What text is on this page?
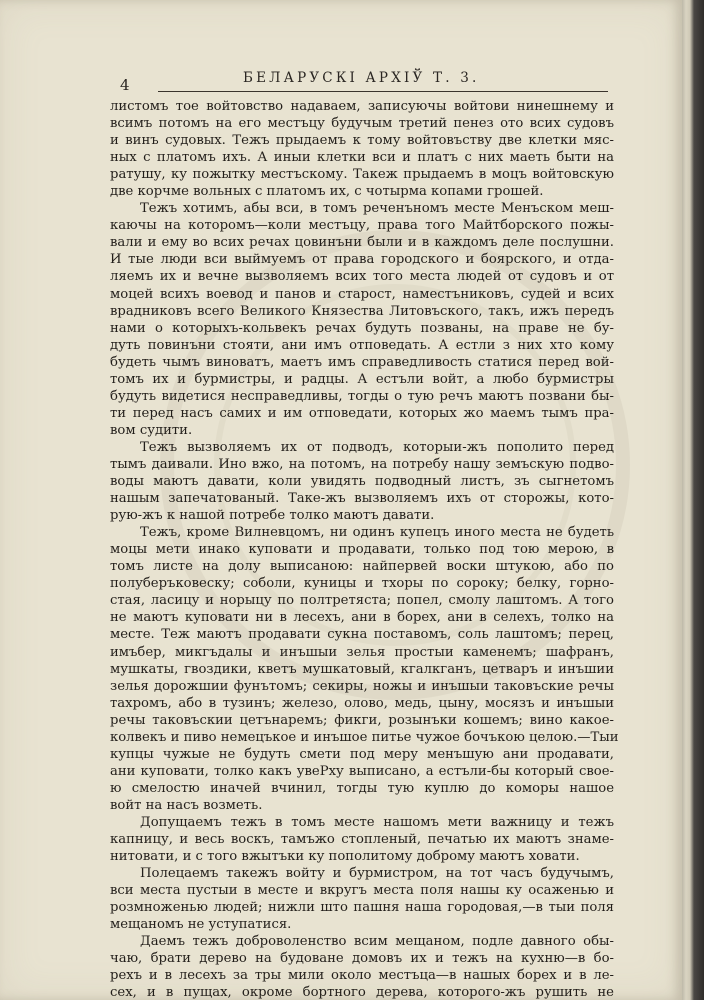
4	БЕЛАРУСКІ АРХІЎ Т. 3.
листомъ тое войтовство надаваем, записуючы войтови нинешнему и
всимъ потомъ на его местъцу будучым третий пенез ото всих судовъ
и винъ судовых. Тежъ прыдаемъ к тому войтовъству две клетки мяс-
ных с платомъ ихъ. А иныи клетки вси и платъ с них маеть быти на
ратушу, ку пожытку местъскому. Такеж прыдаемъ в моцъ войтовскую
две корчме вольных с платомъ их, с чотырма копами грошей.
Тежъ хотимъ, абы вси, в томъ реченъномъ месте Менъском меш-
каючы на которомъ—коли местъцу, права того Майтборского пожы-
вали и ему во всих речах цовинъни были и в каждомъ деле послушни.
И тые люди вси выймуемъ от права городского и боярского, и отда-
ляемъ их и вечне вызволяемъ всих того места людей от судовъ и от
моцей всихъ воевод и панов и старост, наместъниковъ, судей и всих
врадниковъ всего Великого Князества Литовъского, такъ, ижъ передъ
нами о которыхъ-кольвекъ речах будуть позваны, на праве не бу-
дуть повинъни стояти, ани имъ отповедать. А естли з них хто кому
будеть чымъ виноватъ, маетъ имъ справедливость статися перед вой-
томъ их и бурмистры, и радцы. А естъли войт, а любо бурмистры
будуть видетися несправедливы, тогды о тую речъ маютъ позвани бы-
ти перед насъ самих и им отповедати, которых жо маемъ тымъ пра-
вом судити.
Тежъ вызволяемъ их от подводъ, которыи-жъ пополито перед
тымъ даивали. Ино вжо, на потомъ, на потребу нашу земъскую подво-
воды маютъ давати, коли увидять подводный листъ, зъ сыгнетомъ
нашым запечатованый. Таке-жъ вызволяемъ ихъ от сторожы, кото-
рую-жъ к нашой потребе толко маютъ давати.
Тежъ, кроме Вилневцомъ, ни одинъ купецъ иного места не будеть
моцы мети инако куповати и продавати, только под тою мерою, в
томъ листе на долу выписаною: найпервей воски штукою, або по
полуберъковеску; соболи, куницы и тхоры по сороку; белку, горно-
стая, ласицу и норыцу по полтретяста; попел, смолу лаштомъ. А того
не маютъ куповати ни в лесехъ, ани в борех, ани в селехъ, толко на
месте. Теж маютъ продавати сукна поставомъ, соль лаштомъ; перец,
имъбер, микгъдалы и инъшыи зелья простыи каменемъ; шафранъ,
мушкаты, гвоздики, кветъ мушкатовый, кгалкганъ, цетваръ и инъшии
зелья дорожшии фунътомъ; секиры, ножы и инъшыи таковъские речы
тахромъ, або в тузинъ; железо, олово, медь, цыну, мосязъ и инъшыи
речы таковъскии цетънаремъ; фикги, розынъки кошемъ; вино какое-
колвекъ и пиво немецъкое и инъшое питье чужое бочъкою целою.—Тыи
купцы чужые не будуть смети под меру менъшую ани продавати,
ани куповати, толко какъ увеРху выписано, а естъли-бы который свое-
ю смелостю иначей вчинил, тогды тую куплю до коморы нашое
войт на насъ возметь.
Допущаемъ тежъ в томъ месте нашомъ мети важницу и тежъ
капницу, и весь воскъ, тамъжо стопленый, печатью их маютъ знаме-
нитовати, и с того вжытъки ку пополитому доброму маютъ ховати.
Полецаемъ такежъ войту и бурмистром, на тот часъ будучымъ,
вси места пустыи в месте и вкругъ места поля нашы ку осаженью и
розмноженью людей; нижли што пашня наша городовая,—в тыи поля
мещаномъ не уступатися.
Даемъ тежъ доброволенство всим мещаном, подле давного обы-
чаю, брати дерево на будоване домовъ их и тежъ на кухню—в бо-
рехъ и в лесехъ за тры мили около местъца—в нашых борех и в ле-
сех, и в пущах, окроме бортного дерева, которого-жъ рушить не
